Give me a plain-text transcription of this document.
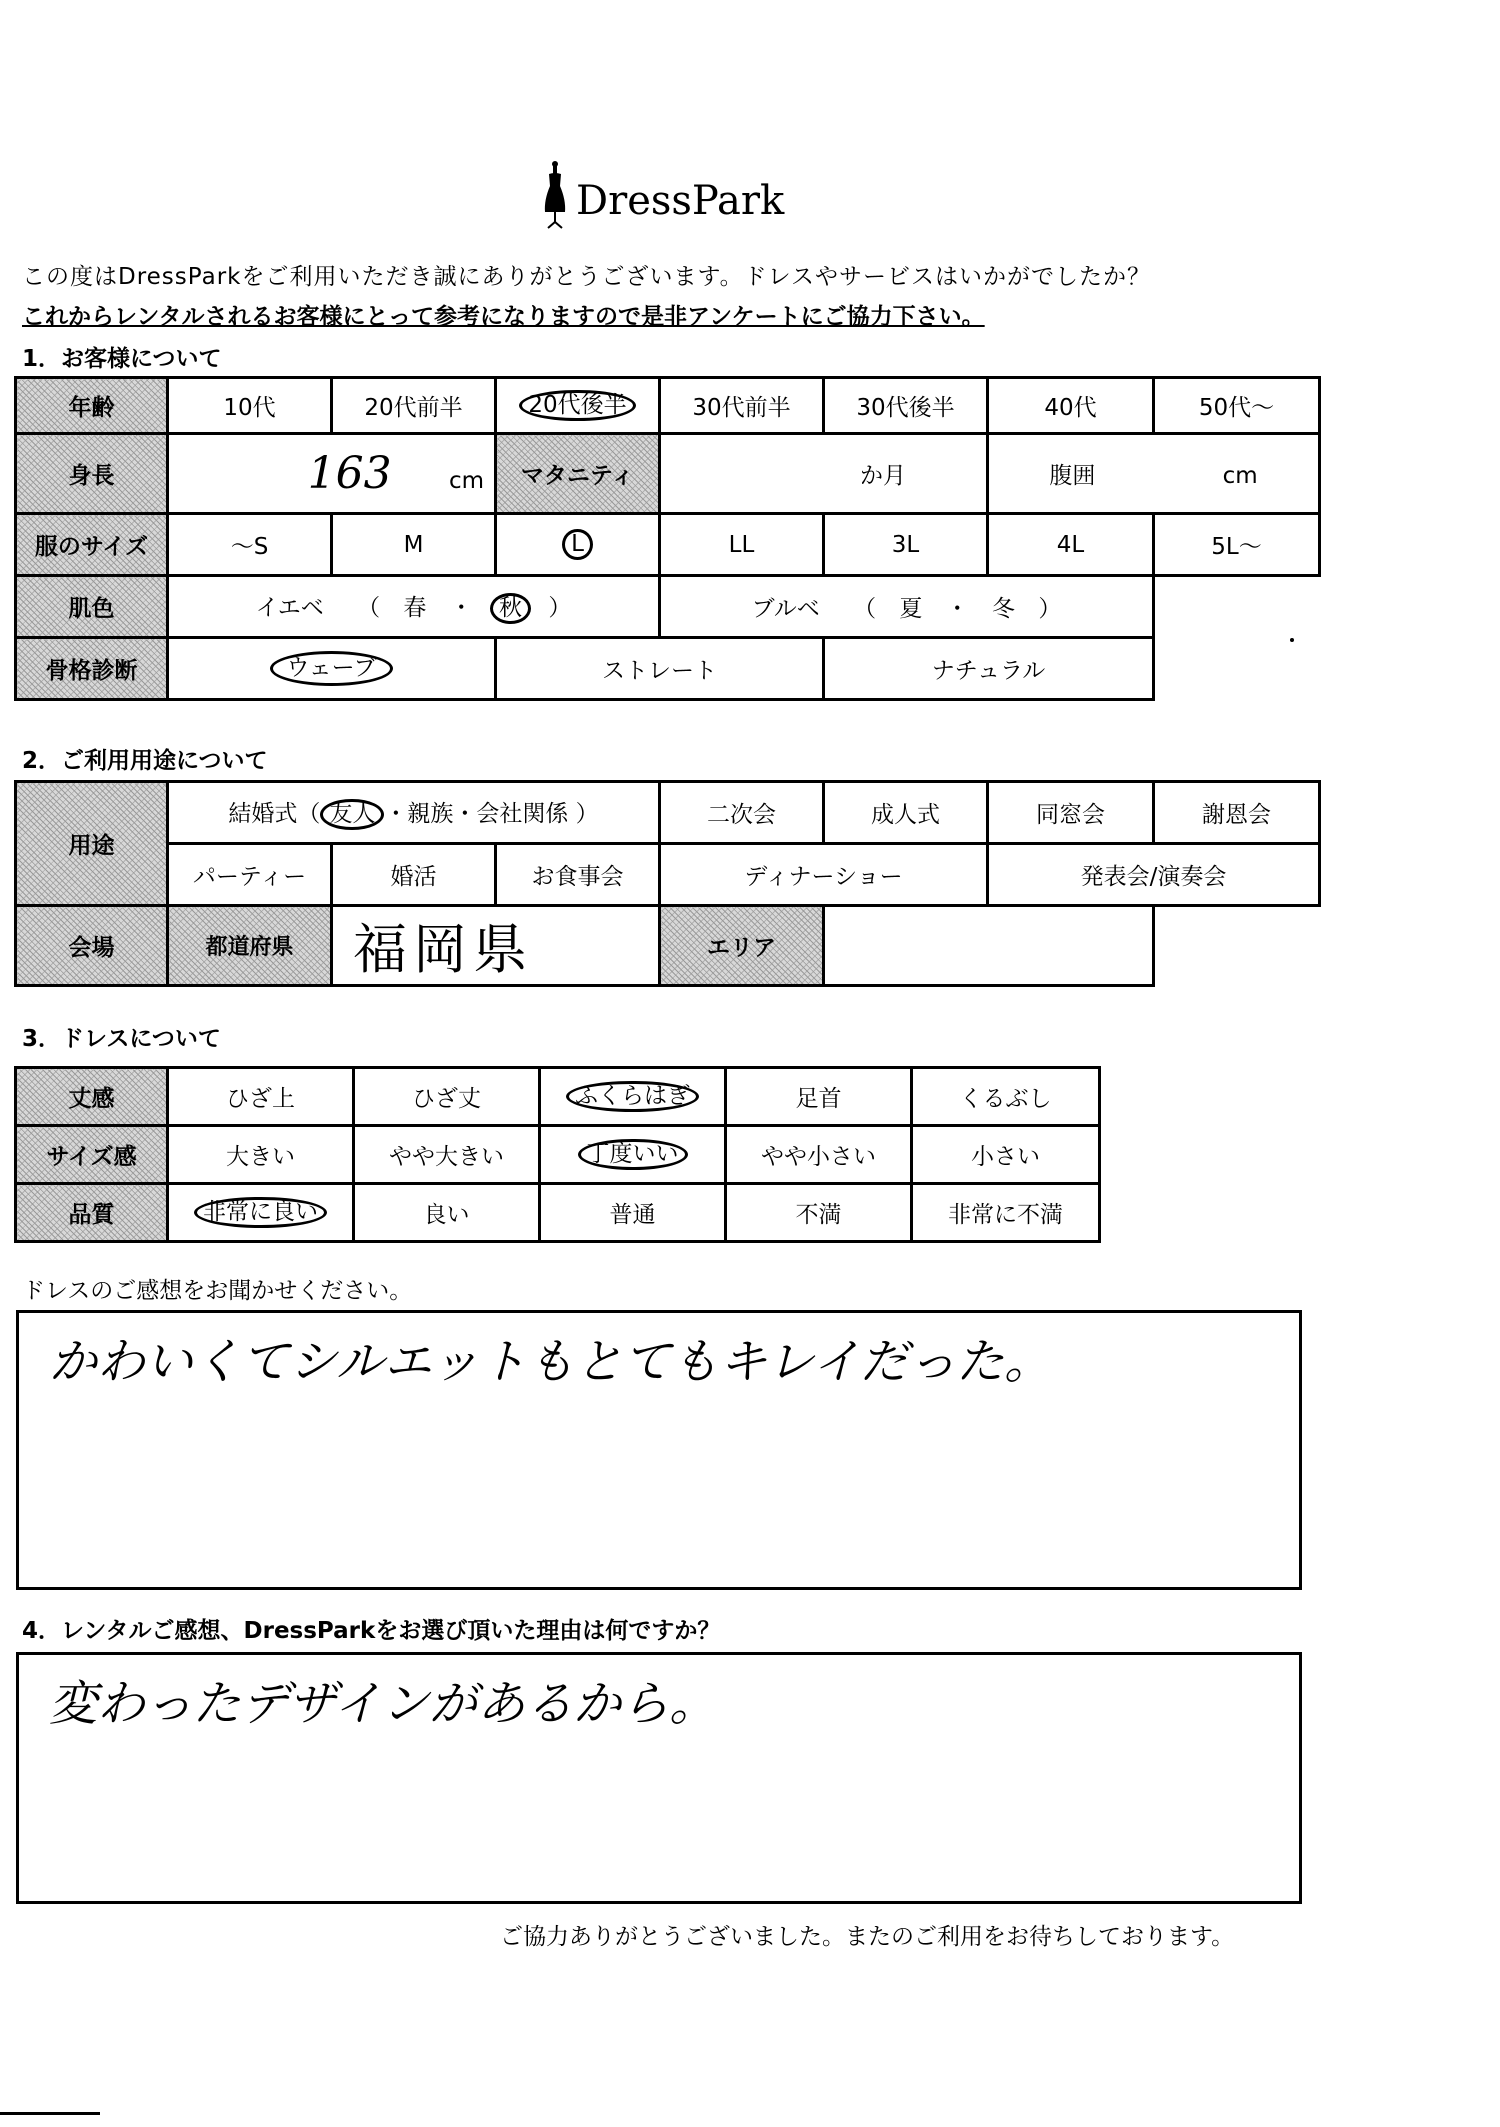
DressPark
この度はDressParkをご利用いただき誠にありがとうございます。ドレスやサービスはいかがでしたか？
これからレンタルされるお客様にとって参考になりますので是非アンケートにご協力下さい。
1．お客様について
年齢	10代	20代前半	20代後半	30代前半	30代後半	40代	50代～
身長	163 cm		マタニティ	か月		腹囲 cm	
服のサイズ	～S	M	L	LL	3L	4L	5L～
肌色	イエベ （ 春 ・ 秋 ）			ブルベ （ 夏 ・ 冬 ）			
骨格診断	ウェーブ		ストレート		ナチュラル		
2．ご利用用途について
用途	結婚式（ 友人 ・親族・会社関係 ）			二次会	成人式	同窓会	謝恩会
	パーティー	婚活	お食事会	ディナーショー		発表会/演奏会	
会場	都道府県	福岡県		エリア			
3．ドレスについて
丈感	ひざ上	ひざ丈	ふくらはぎ	足首	くるぶし
サイズ感	大きい	やや大きい	丁度いい	やや小さい	小さい
品質	非常に良い	良い	普通	不満	非常に不満
ドレスのご感想をお聞かせください。
かわいくてシルエットもとてもキレイだった。
4．レンタルご感想、DressParkをお選び頂いた理由は何ですか？
変わったデザインがあるから。
ご協力ありがとうございました。またのご利用をお待ちしております。
